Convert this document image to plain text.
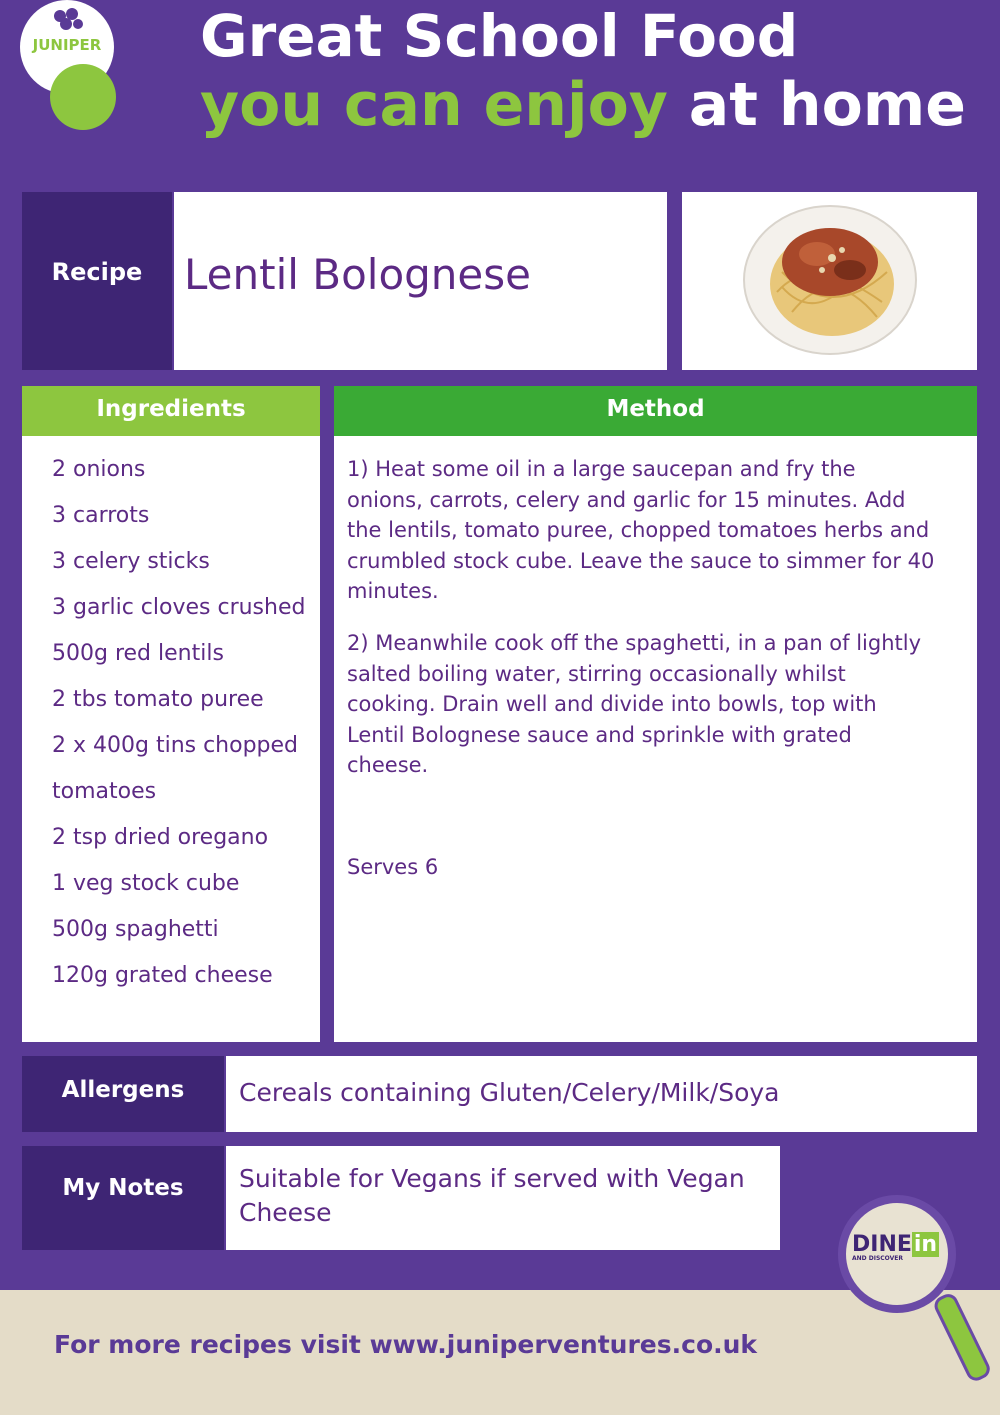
JUNIPER Great School Food
you can enjoy at home
Recipe Lentil Bolognese
Ingredients
2 onions
3 carrots
3 celery sticks
3 garlic cloves crushed
500g red lentils
2 tbs tomato puree
2 x 400g tins chopped
tomatoes
2 tsp dried oregano
1 veg stock cube
500g spaghetti
120g grated cheese
Method
1) Heat some oil in a large saucepan and fry the onions, carrots, celery and garlic for 15 minutes. Add the lentils, tomato puree, chopped tomatoes herbs and crumbled stock cube. Leave the sauce to simmer for 40 minutes.
2) Meanwhile cook off the spaghetti, in a pan of lightly salted boiling water, stirring occasionally whilst cooking. Drain well and divide into bowls, top with Lentil Bolognese sauce and sprinkle with grated cheese.
Serves 6
Allergens	Cereals containing Gluten/Celery/Milk/Soya
My Notes	Suitable for Vegans if served with Vegan Cheese
For more recipes visit www.juniperventures.co.uk
DINEin
AND DISCOVER
